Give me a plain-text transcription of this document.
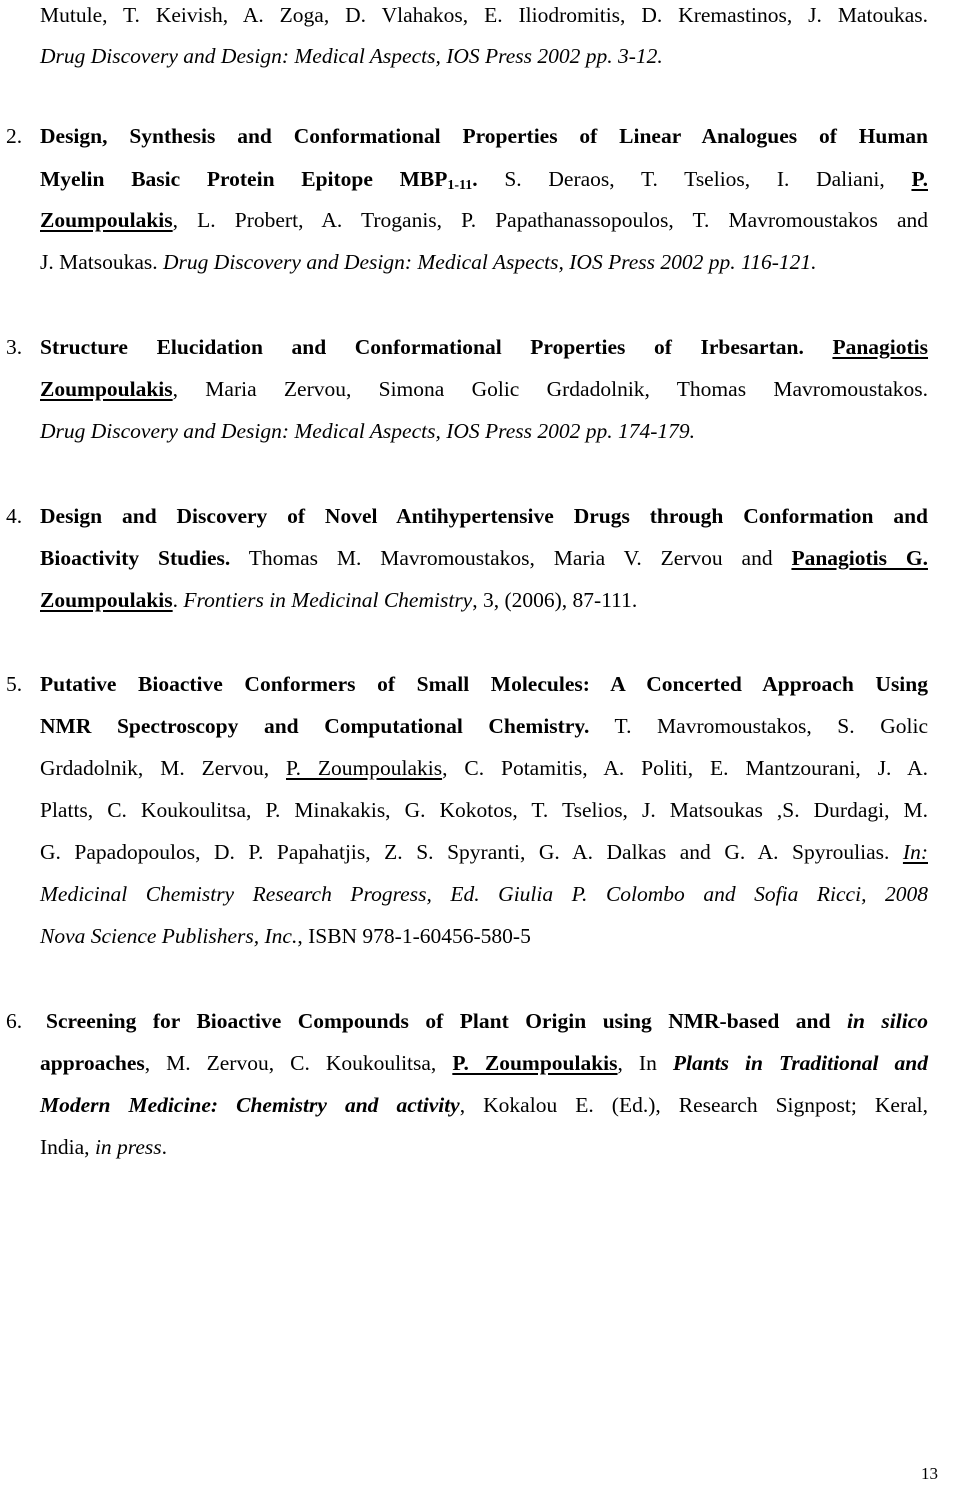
Mutule, T. Keivish, A. Zoga, D. Vlahakos, E. Iliodromitis, D. Kremastinos, J. Matoukas.
Drug Discovery and Design: Medical Aspects, IOS Press 2002 pp. 3-12.
2. Design, Synthesis and Conformational Properties of Linear Analogues of Human
Myelin Basic Protein Epitope $MBP_{1-11}$. S. Deraos, T. Tselios, I. Daliani, P.
Zoumpoulakis, L. Probert, A. Troganis, P. Papathanassopoulos, T. Mavromoustakos and
J. Matsoukas. Drug Discovery and Design: Medical Aspects, IOS Press 2002 pp. 116-121.
3. Structure Elucidation and Conformational Properties of Irbesartan. Panagiotis
Zoumpoulakis, Maria Zervou, Simona Golic Grdadolnik, Thomas Mavromoustakos.
Drug Discovery and Design: Medical Aspects, IOS Press 2002 pp. 174-179.
4. Design and Discovery of Novel Antihypertensive Drugs through Conformation and
Bioactivity Studies. Thomas M. Mavromoustakos, Maria V. Zervou and Panagiotis G.
Zoumpoulakis. Frontiers in Medicinal Chemistry, 3, (2006), 87-111.
5. Putative Bioactive Conformers of Small Molecules: A Concerted Approach Using
NMR Spectroscopy and Computational Chemistry. T. Mavromoustakos, S. Golic
Grdadolnik, M. Zervou, P. Zoumpoulakis, C. Potamitis, A. Politi, E. Mantzourani, J. A.
Platts, C. Koukoulitsa, P. Minakakis, G. Kokotos, T. Tselios, J. Matsoukas ,S. Durdagi, M.
G. Papadopoulos, D. P. Papahatjis, Z. S. Spyranti, G. A. Dalkas and G. A. Spyroulias. In:
Medicinal Chemistry Research Progress, Ed. Giulia P. Colombo and Sofia Ricci, 2008
Nova Science Publishers, Inc., ISBN 978-1-60456-580-5
6. Screening for Bioactive Compounds of Plant Origin using NMR-based and in silico
approaches, M. Zervou, C. Koukoulitsa, P. Zoumpoulakis, In Plants in Traditional and
Modern Medicine: Chemistry and activity, Kokalou E. (Ed.), Research Signpost; Keral,
India, in press.
13
